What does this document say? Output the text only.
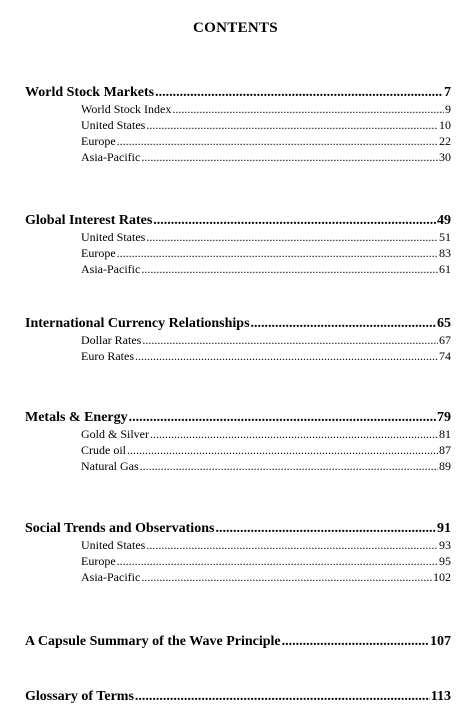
CONTENTS
World Stock Markets .....	7
World Stock Index .....	9
United States .....	10
Europe .....	22
Asia-Pacific .....	30
Global Interest Rates .....	49
United States .....	51
Europe .....	83
Asia-Pacific .....	61
International Currency Relationships .....	65
Dollar Rates .....	67
Euro Rates .....	74
Metals & Energy .....	79
Gold & Silver .....	81
Crude oil .....	87
Natural Gas .....	89
Social Trends and Observations .....	91
United States .....	93
Europe .....	95
Asia-Pacific .....	102
A Capsule Summary of the Wave Principle .....	107
Glossary of Terms .....	113
